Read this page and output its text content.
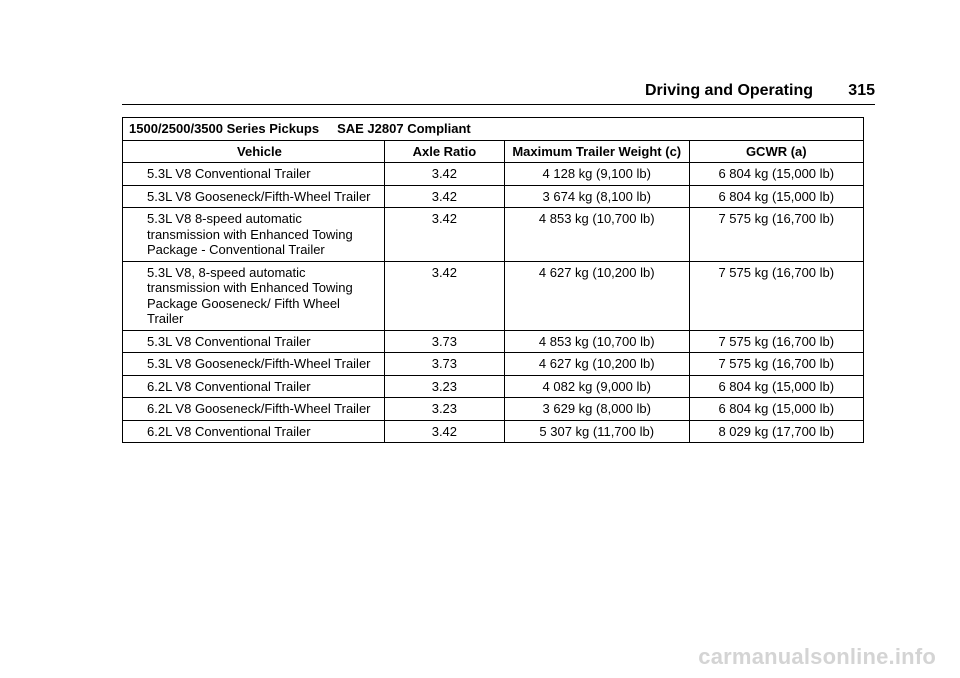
Driving and Operating 315
1500/2500/3500 Series Pickups SAE J2807 Compliant			
Vehicle	Axle Ratio	Maximum Trailer Weight (c)	GCWR (a)
5.3L V8 Conventional Trailer	3.42	4 128 kg (9,100 lb)	6 804 kg (15,000 lb)
5.3L V8 Gooseneck/Fifth-Wheel Trailer	3.42	3 674 kg (8,100 lb)	6 804 kg (15,000 lb)
5.3L V8 8-speed automatic transmission with Enhanced Towing Package - Conventional Trailer	3.42	4 853 kg (10,700 lb)	7 575 kg (16,700 lb)
5.3L V8, 8-speed automatic transmission with Enhanced Towing Package Gooseneck/ Fifth Wheel Trailer	3.42	4 627 kg (10,200 lb)	7 575 kg (16,700 lb)
5.3L V8 Conventional Trailer	3.73	4 853 kg (10,700 lb)	7 575 kg (16,700 lb)
5.3L V8 Gooseneck/Fifth-Wheel Trailer	3.73	4 627 kg (10,200 lb)	7 575 kg (16,700 lb)
6.2L V8 Conventional Trailer	3.23	4 082 kg (9,000 lb)	6 804 kg (15,000 lb)
6.2L V8 Gooseneck/Fifth-Wheel Trailer	3.23	3 629 kg (8,000 lb)	6 804 kg (15,000 lb)
6.2L V8 Conventional Trailer	3.42	5 307 kg (11,700 lb)	8 029 kg (17,700 lb)
carmanualsonline.info
